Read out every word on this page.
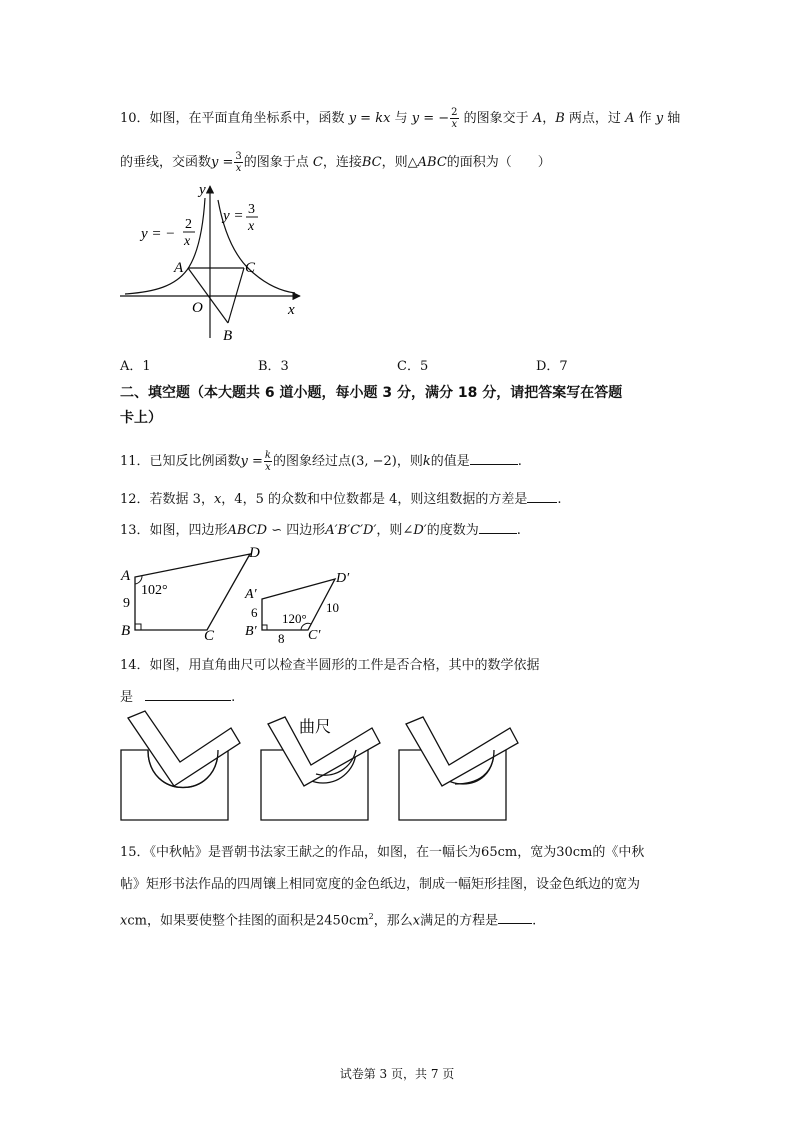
10．如图，在平面直角坐标系中，函数 y = kx 与 y = − $\frac{2}{x}$ 的图象交于 A，B 两点，过 A 作 y 轴
的垂线，交函数$y = \frac{3}{x}$ 的图象于点 C，连接BC，则△ABC的面积为（　　）
y = −
2
x
y = 3
x
y
x
O
A
B
C
A．1	B．3	C．5	D．7
二、填空题（本大题共 6 道小题，每小题 3 分，满分 18 分，请把答案写在答题
卡上）
11．已知反比例函数$y = \frac{k}{x}$ 的图象经过点(3, −2)，则k的值是	.
12．若数据 3，x，4，5 的众数和中位数都是 4，则这组数据的方差是 .
13．如图，四边形ABCD ∽ 四边形A′B′C′D′，则∠D′的度数为	.
A
B	C
D
102°
9
A′
B′	C′
D′
120°
6
8
10
14．如图，用直角曲尺可以检查半圆形的工件是否合格，其中的数学依据
是	.
曲尺
15．《中秋帖》是晋朝书法家王献之的作品，如图，在一幅长为65cm，宽为30cm的《中秋
帖》矩形书法作品的四周镶上相同宽度的金色纸边，制成一幅矩形挂图，设金色纸边的宽为
xcm，如果要使整个挂图的面积是$2450cm^2$，那么x满足的方程是	.
试卷第 3 页，共 7 页
